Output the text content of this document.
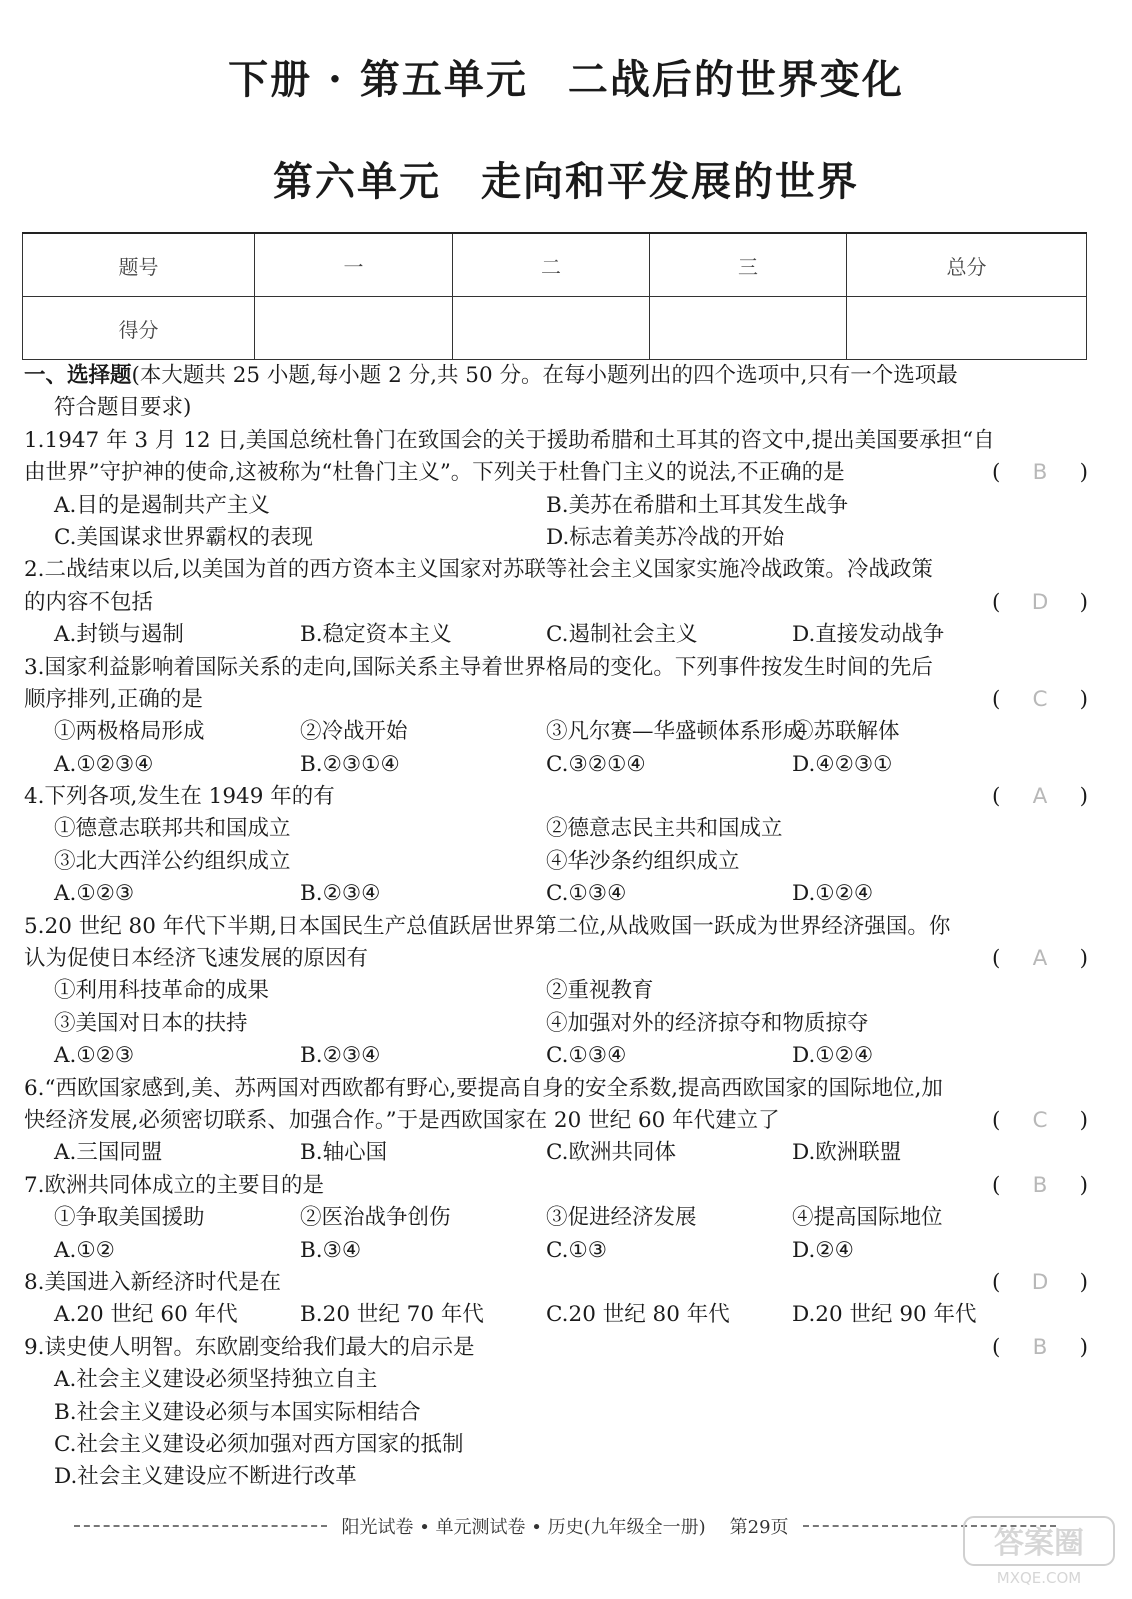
下册 · 第五单元 二战后的世界变化
第六单元 走向和平发展的世界
题号	一	二	三	总分
得分				
一、选择题(本大题共 25 小题,每小题 2 分,共 50 分。在每小题列出的四个选项中,只有一个选项最
符合题目要求)
1.1947 年 3 月 12 日,美国总统杜鲁门在致国会的关于援助希腊和土耳其的咨文中,提出美国要承担“自
由世界”守护神的使命,这被称为“杜鲁门主义”。下列关于杜鲁门主义的说法,不正确的是	( B )
A.目的是遏制共产主义	B.美苏在希腊和土耳其发生战争
C.美国谋求世界霸权的表现	D.标志着美苏冷战的开始
2.二战结束以后,以美国为首的西方资本主义国家对苏联等社会主义国家实施冷战政策。冷战政策
的内容不包括	( D )
A.封锁与遏制	B.稳定资本主义	C.遏制社会主义	D.直接发动战争
3.国家利益影响着国际关系的走向,国际关系主导着世界格局的变化。下列事件按发生时间的先后
顺序排列,正确的是	( C )
①两极格局形成	②冷战开始	③凡尔赛—华盛顿体系形成
④苏联解体
A.①②③④	B.②③①④	C.③②①④	D.④②③①
4.下列各项,发生在 1949 年的有	( A )
①德意志联邦共和国成立	②德意志民主共和国成立
③北大西洋公约组织成立	④华沙条约组织成立
A.①②③	B.②③④	C.①③④	D.①②④
5.20 世纪 80 年代下半期,日本国民生产总值跃居世界第二位,从战败国一跃成为世界经济强国。你
认为促使日本经济飞速发展的原因有	( A )
①利用科技革命的成果	②重视教育
③美国对日本的扶持	④加强对外的经济掠夺和物质掠夺
A.①②③	B.②③④	C.①③④	D.①②④
6.“西欧国家感到,美、苏两国对西欧都有野心,要提高自身的安全系数,提高西欧国家的国际地位,加
快经济发展,必须密切联系、加强合作。”于是西欧国家在 20 世纪 60 年代建立了	( C )
A.三国同盟	B.轴心国	C.欧洲共同体	D.欧洲联盟
7.欧洲共同体成立的主要目的是	( B )
①争取美国援助	②医治战争创伤	③促进经济发展	④提高国际地位
A.①②	B.③④	C.①③	D.②④
8.美国进入新经济时代是在	( D )
A.20 世纪 60 年代	B.20 世纪 70 年代	C.20 世纪 80 年代	D.20 世纪 90 年代
9.读史使人明智。东欧剧变给我们最大的启示是	( B )
A.社会主义建设必须坚持独立自主
B.社会主义建设必须与本国实际相结合
C.社会主义建设必须加强对西方国家的抵制
D.社会主义建设应不断进行改革
阳光试卷 • 单元测试卷 • 历史(九年级全一册) 第29页	答案圈
MXQE.COM
